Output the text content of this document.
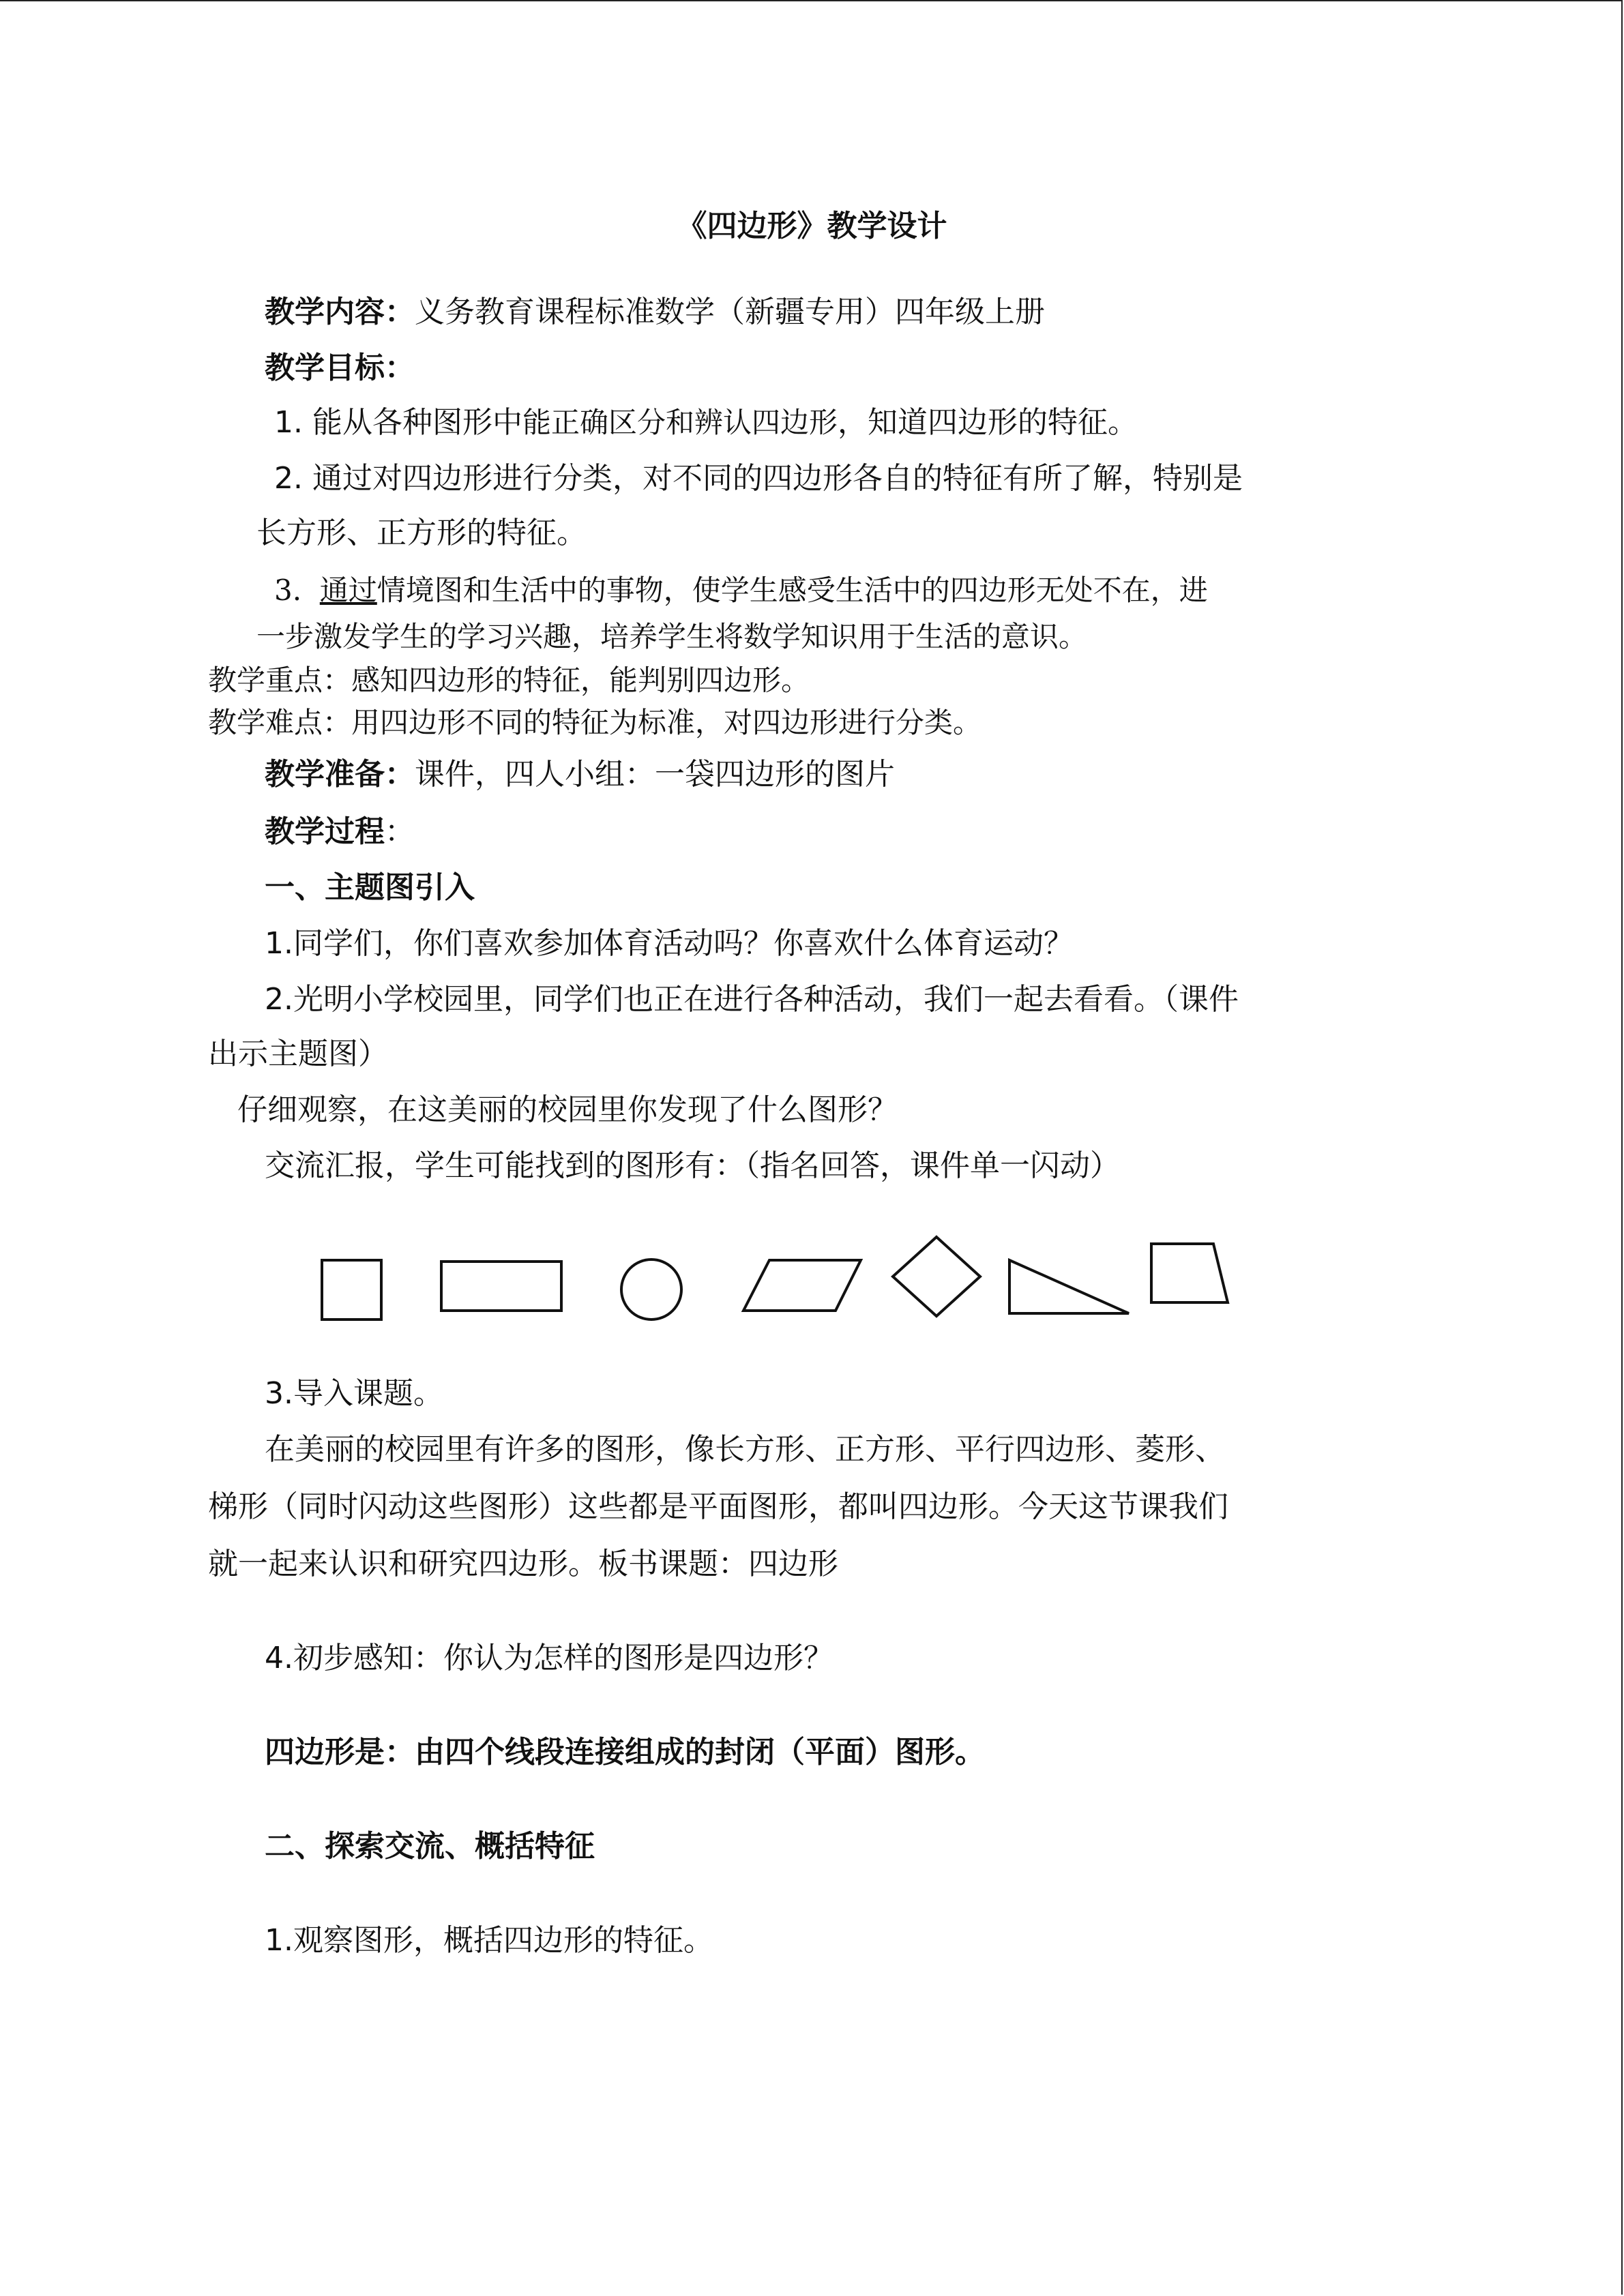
《四边形》教学设计
教学内容：义务教育课程标准数学（新疆专用）四年级上册
教学目标：
1. 能从各种图形中能正确区分和辨认四边形，知道四边形的特征。
2. 通过对四边形进行分类，对不同的四边形各自的特征有所了解，特别是
长方形、正方形的特征。
3. 通过情境图和生活中的事物，使学生感受生活中的四边形无处不在，进
一步激发学生的学习兴趣，培养学生将数学知识用于生活的意识。
教学重点：感知四边形的特征，能判别四边形。
教学难点：用四边形不同的特征为标准，对四边形进行分类。
教学准备：课件，四人小组：一袋四边形的图片
教学过程：
一、主题图引入
1.同学们，你们喜欢参加体育活动吗？你喜欢什么体育运动？
2.光明小学校园里，同学们也正在进行各种活动，我们一起去看看。（课件
出示主题图）
仔细观察，在这美丽的校园里你发现了什么图形？
交流汇报，学生可能找到的图形有：（指名回答，课件单一闪动）
3.导入课题。
在美丽的校园里有许多的图形，像长方形、正方形、平行四边形、菱形、
梯形（同时闪动这些图形）这些都是平面图形，都叫四边形。今天这节课我们
就一起来认识和研究四边形。板书课题：四边形
4.初步感知：你认为怎样的图形是四边形？
四边形是：由四个线段连接组成的封闭（平面）图形。
二、探索交流、概括特征
1.观察图形，概括四边形的特征。
